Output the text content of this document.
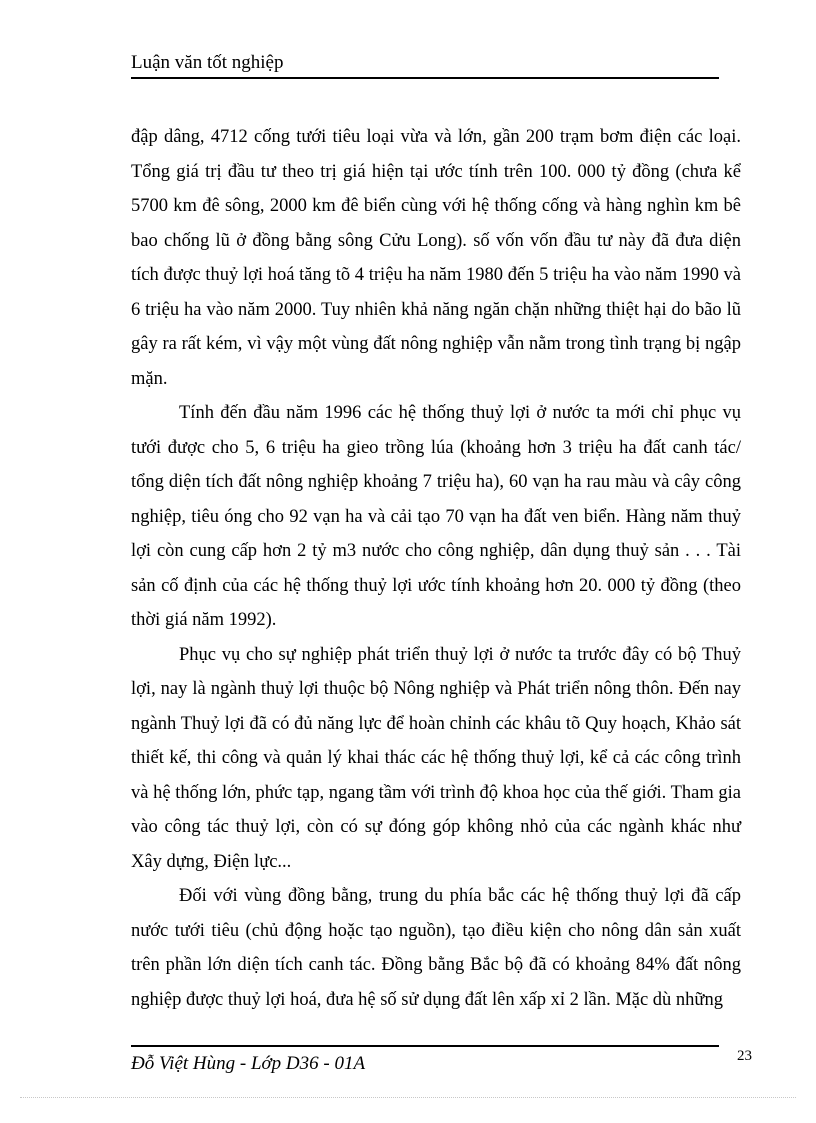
Luận văn tốt nghiệp

đập dâng, 4712 cống tưới tiêu loại vừa và lớn, gần 200 trạm bơm điện các loại. Tổng giá trị đầu tư theo trị giá hiện tại ước tính trên 100. 000 tỷ đồng (chưa kể 5700 km đê sông, 2000 km đê biển cùng với hệ thống cống và hàng nghìn km bê bao chống lũ ở đồng bằng sông Cửu Long). số vốn vốn đầu tư này đã đưa diện tích được thuỷ lợi hoá tăng tõ 4 triệu ha năm 1980 đến 5 triệu ha vào năm 1990 và 6 triệu ha vào năm 2000. Tuy nhiên khả năng ngăn chặn những thiệt hại do bão lũ gây ra rất kém, vì vậy một vùng đất nông nghiệp vẫn nằm trong tình trạng bị ngập mặn.

Tính đến đầu năm 1996 các hệ thống thuỷ lợi ở nước ta mới chỉ phục vụ tưới được cho 5, 6 triệu ha gieo trồng lúa (khoảng hơn 3 triệu ha đất canh tác/ tổng diện tích đất nông nghiệp khoảng 7 triệu ha), 60 vạn ha rau màu và cây công nghiệp, tiêu óng cho 92 vạn ha và cải tạo 70 vạn ha đất ven biển. Hàng năm thuỷ lợi còn cung cấp hơn 2 tỷ m3 nước cho công nghiệp, dân dụng thuỷ sản . . . Tài sản cố định của các hệ thống thuỷ lợi ước tính khoảng hơn 20. 000 tỷ đồng (theo thời giá năm 1992).

Phục vụ cho sự nghiệp phát triển thuỷ lợi ở nước ta trước đây có bộ Thuỷ lợi, nay là ngành thuỷ lợi thuộc bộ Nông nghiệp và Phát triển nông thôn. Đến nay ngành Thuỷ lợi đã có đủ năng lực để hoàn chỉnh các khâu tõ Quy hoạch, Khảo sát thiết kế, thi công và quản lý khai thác các hệ thống thuỷ lợi, kể cả các công trình và hệ thống lớn, phức tạp, ngang tầm với trình độ khoa học của thế giới. Tham gia vào công tác thuỷ lợi, còn có sự đóng góp không nhỏ của các ngành khác như Xây dựng, Điện lực...

Đối với vùng đồng bằng, trung du phía bắc các hệ thống thuỷ lợi đã cấp nước tưới tiêu (chủ động hoặc tạo nguồn), tạo điều kiện cho nông dân sản xuất trên phần lớn diện tích canh tác. Đồng bằng Bắc bộ đã có khoảng 84% đất nông nghiệp được thuỷ lợi hoá, đưa hệ số sử dụng đất lên xấp xỉ 2 lần. Mặc dù những

Đỗ Việt Hùng - Lớp D36 - 01A	23
